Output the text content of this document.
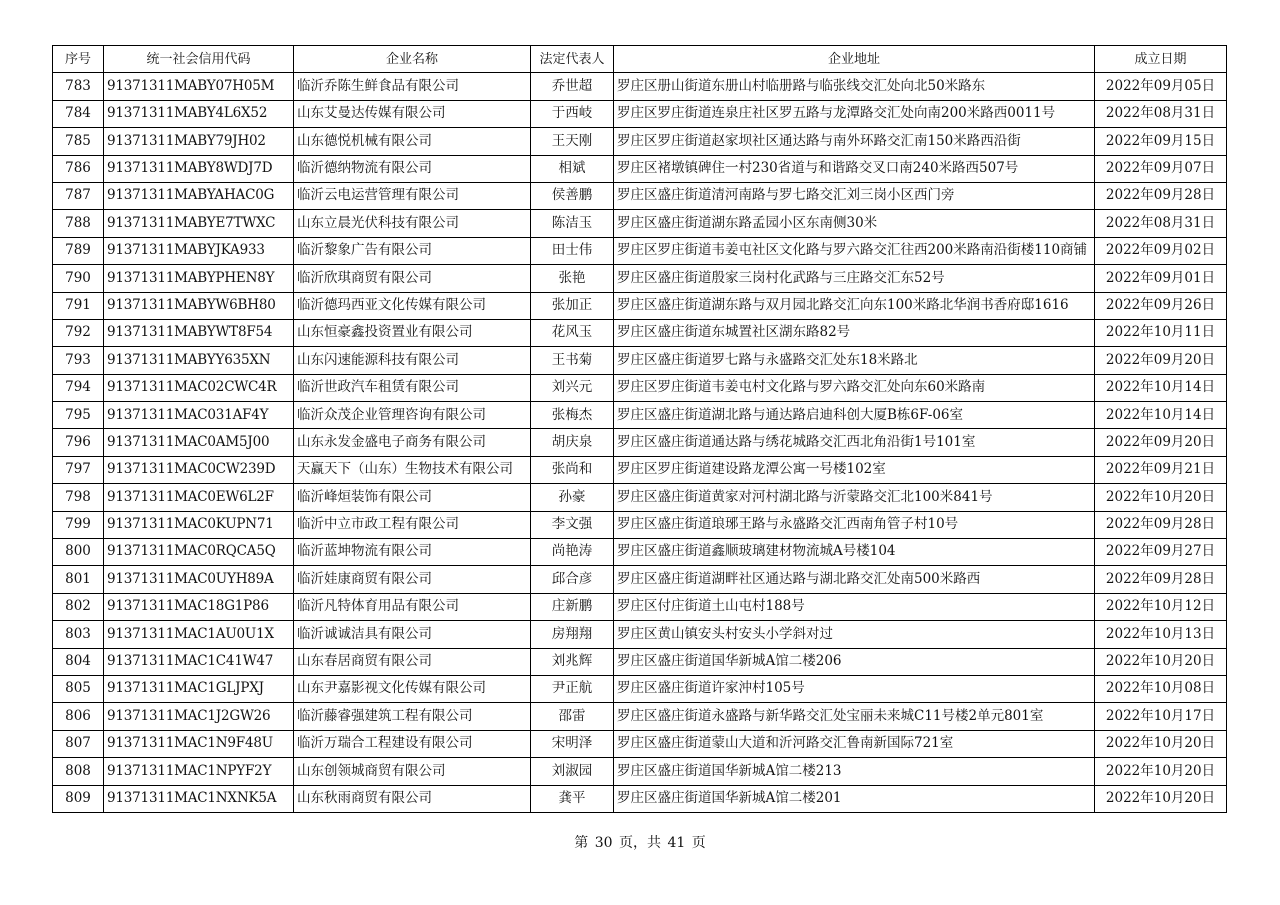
序号	统一社会信用代码	企业名称	法定代表人	企业地址	成立日期
783	91371311MABY07H05M	临沂乔陈生鲜食品有限公司	乔世超	罗庄区册山街道东册山村临册路与临张线交汇处向北50米路东	2022年09月05日
784	91371311MABY4L6X52	山东艾曼达传媒有限公司	于西岐	罗庄区罗庄街道连泉庄社区罗五路与龙潭路交汇处向南200米路西0011号	2022年08月31日
785	91371311MABY79JH02	山东德悦机械有限公司	王天刚	罗庄区罗庄街道赵家坝社区通达路与南外环路交汇南150米路西沿街	2022年09月15日
786	91371311MABY8WDJ7D	临沂德纳物流有限公司	相斌	罗庄区褚墩镇碑住一村230省道与和谐路交叉口南240米路西507号	2022年09月07日
787	91371311MABYAHAC0G	临沂云电运营管理有限公司	侯善鹏	罗庄区盛庄街道清河南路与罗七路交汇刘三岗小区西门旁	2022年09月28日
788	91371311MABYE7TWXC	山东立晨光伏科技有限公司	陈洁玉	罗庄区盛庄街道湖东路孟园小区东南侧30米	2022年08月31日
789	91371311MABYJKA933	临沂黎象广告有限公司	田士伟	罗庄区罗庄街道韦姜屯社区文化路与罗六路交汇往西200米路南沿街楼110商铺	2022年09月02日
790	91371311MABYPHEN8Y	临沂欣琪商贸有限公司	张艳	罗庄区盛庄街道殷家三岗村化武路与三庄路交汇东52号	2022年09月01日
791	91371311MABYW6BH80	临沂德玛西亚文化传媒有限公司	张加正	罗庄区盛庄街道湖东路与双月园北路交汇向东100米路北华润书香府邸1616	2022年09月26日
792	91371311MABYWT8F54	山东恒豪鑫投资置业有限公司	花风玉	罗庄区盛庄街道东城置社区湖东路82号	2022年10月11日
793	91371311MABYY635XN	山东闪速能源科技有限公司	王书菊	罗庄区盛庄街道罗七路与永盛路交汇处东18米路北	2022年09月20日
794	91371311MAC02CWC4R	临沂世政汽车租赁有限公司	刘兴元	罗庄区罗庄街道韦姜屯村文化路与罗六路交汇处向东60米路南	2022年10月14日
795	91371311MAC031AF4Y	临沂众茂企业管理咨询有限公司	张梅杰	罗庄区盛庄街道湖北路与通达路启迪科创大厦B栋6F-06室	2022年10月14日
796	91371311MAC0AM5J00	山东永发金盛电子商务有限公司	胡庆泉	罗庄区盛庄街道通达路与绣花城路交汇西北角沿街1号101室	2022年09月20日
797	91371311MAC0CW239D	天赢天下（山东）生物技术有限公司	张尚和	罗庄区罗庄街道建设路龙潭公寓一号楼102室	2022年09月21日
798	91371311MAC0EW6L2F	临沂峰烜装饰有限公司	孙豪	罗庄区盛庄街道黄家对河村湖北路与沂蒙路交汇北100米841号	2022年10月20日
799	91371311MAC0KUPN71	临沂中立市政工程有限公司	李文强	罗庄区盛庄街道琅琊王路与永盛路交汇西南角管子村10号	2022年09月28日
800	91371311MAC0RQCA5Q	临沂蓝坤物流有限公司	尚艳涛	罗庄区盛庄街道鑫顺玻璃建材物流城A号楼104	2022年09月27日
801	91371311MAC0UYH89A	临沂娃康商贸有限公司	邱合彦	罗庄区盛庄街道湖畔社区通达路与湖北路交汇处南500米路西	2022年09月28日
802	91371311MAC18G1P86	临沂凡特体育用品有限公司	庄新鹏	罗庄区付庄街道土山屯村188号	2022年10月12日
803	91371311MAC1AU0U1X	临沂诚诚洁具有限公司	房翔翔	罗庄区黄山镇安头村安头小学斜对过	2022年10月13日
804	91371311MAC1C41W47	山东春居商贸有限公司	刘兆辉	罗庄区盛庄街道国华新城A馆二楼206	2022年10月20日
805	91371311MAC1GLJPXJ	山东尹嘉影视文化传媒有限公司	尹正航	罗庄区盛庄街道许家沖村105号	2022年10月08日
806	91371311MAC1J2GW26	临沂藤睿强建筑工程有限公司	邵雷	罗庄区盛庄街道永盛路与新华路交汇处宝丽未来城C11号楼2单元801室	2022年10月17日
807	91371311MAC1N9F48U	临沂万瑞合工程建设有限公司	宋明泽	罗庄区盛庄街道蒙山大道和沂河路交汇鲁南新国际721室	2022年10月20日
808	91371311MAC1NPYF2Y	山东创领城商贸有限公司	刘淑园	罗庄区盛庄街道国华新城A馆二楼213	2022年10月20日
809	91371311MAC1NXNK5A	山东秋雨商贸有限公司	龚平	罗庄区盛庄街道国华新城A馆二楼201	2022年10月20日
第 30 页，共 41 页
